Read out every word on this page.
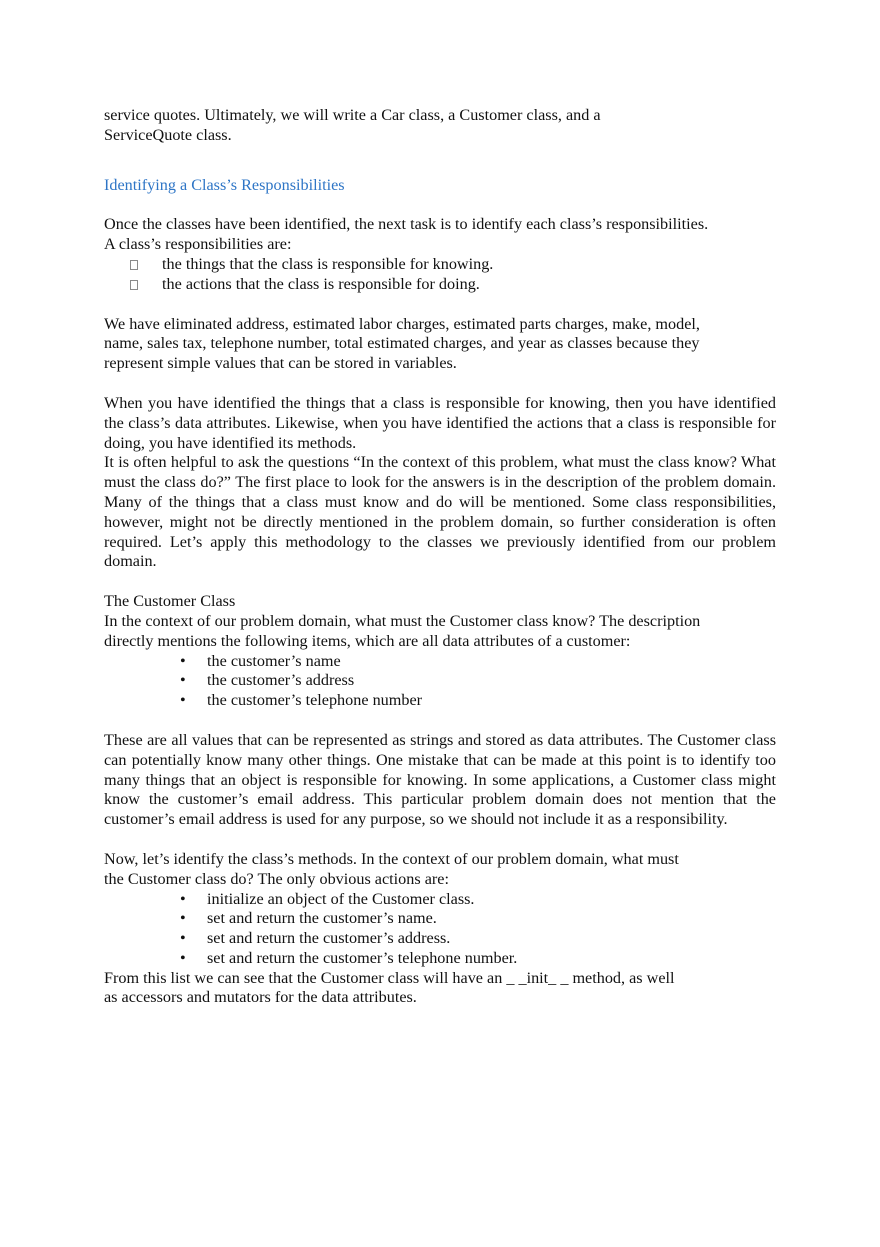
service quotes. Ultimately, we will write a Car class, a Customer class, and a

ServiceQuote class.

Identifying a Class’s Responsibilities

Once the classes have been identified, the next task is to identify each class’s responsibilities.

A class’s responsibilities are:

the things that the class is responsible for knowing.
the actions that the class is responsible for doing.

We have eliminated address, estimated labor charges, estimated parts charges, make, model,

name, sales tax, telephone number, total estimated charges, and year as classes because they

represent simple values that can be stored in variables.

When you have identified the things that a class is responsible for knowing, then you have identified the class’s data attributes. Likewise, when you have identified the actions that a class is responsible for doing, you have identified its methods.

It is often helpful to ask the questions “In the context of this problem, what must the class know? What must the class do?” The first place to look for the answers is in the description of the problem domain. Many of the things that a class must know and do will be mentioned. Some class responsibilities, however, might not be directly mentioned in the problem domain, so further consideration is often required. Let’s apply this methodology to the classes we previously identified from our problem domain.

The Customer Class

In the context of our problem domain, what must the Customer class know? The description

directly mentions the following items, which are all data attributes of a customer:

• the customer’s name
• the customer’s address
• the customer’s telephone number

These are all values that can be represented as strings and stored as data attributes. The Customer class can potentially know many other things. One mistake that can be made at this point is to identify too many things that an object is responsible for knowing. In some applications, a Customer class might know the customer’s email address. This particular problem domain does not mention that the customer’s email address is used for any purpose, so we should not include it as a responsibility.

Now, let’s identify the class’s methods. In the context of our problem domain, what must

the Customer class do? The only obvious actions are:

• initialize an object of the Customer class.
• set and return the customer’s name.
• set and return the customer’s address.
• set and return the customer’s telephone number.

From this list we can see that the Customer class will have an _ _init_ _ method, as well

as accessors and mutators for the data attributes.
